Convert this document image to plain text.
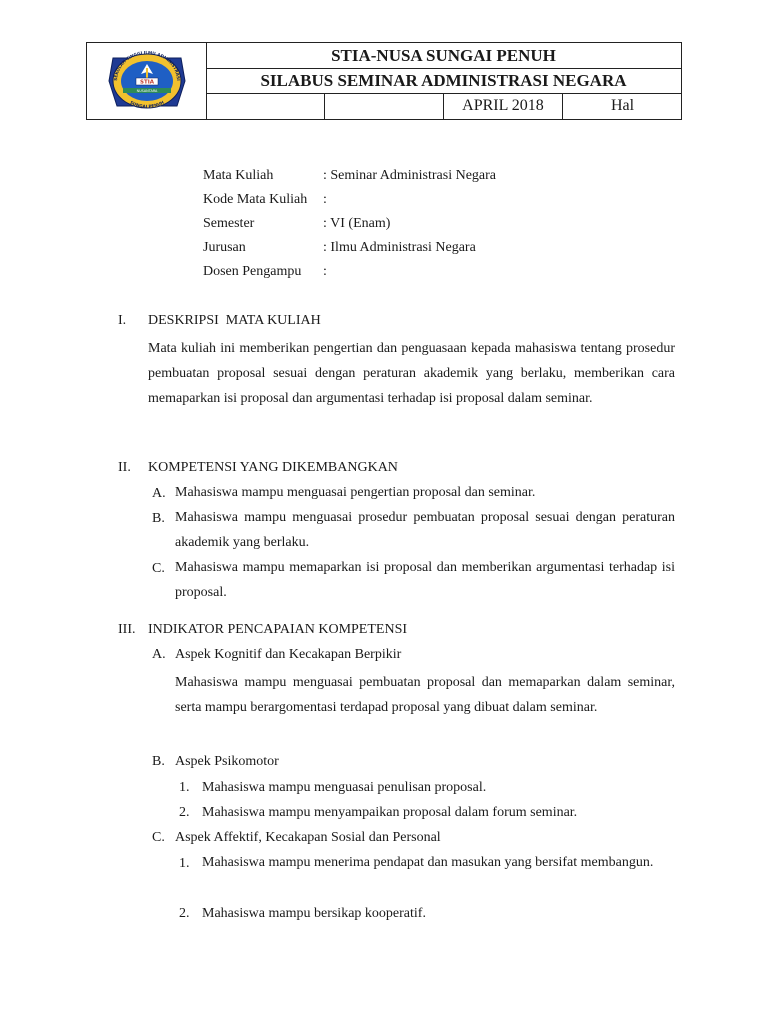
SEKOLAH TINGGI ILMU ADMINISTRASI
STIA
NUSANTARA
SUNGAI PENUH
STIA-NUSA SUNGAI PENUH
SILABUS SEMINAR ADMINISTRASI NEGARA
APRIL 2018	Hal
Mata Kuliah	: Seminar Administrasi Negara
Kode Mata Kuliah :
Semester	: VI (Enam)
Jurusan	: Ilmu Administrasi Negara
Dosen Pengampu :
I. DESKRIPSI  MATA KULIAH
Mata kuliah ini memberikan pengertian dan penguasaan kepada mahasiswa tentang prosedur pembuatan proposal sesuai dengan peraturan akademik yang berlaku, memberikan cara memaparkan isi proposal dan argumentasi terhadap isi proposal dalam seminar.
II. KOMPETENSI YANG DIKEMBANGKAN
A. Mahasiswa mampu menguasai pengertian proposal dan seminar.
B. Mahasiswa mampu menguasai prosedur pembuatan proposal sesuai dengan peraturan akademik yang berlaku.
C. Mahasiswa mampu memaparkan isi proposal dan memberikan argumentasi terhadap isi proposal.
III. INDIKATOR PENCAPAIAN KOMPETENSI
A. Aspek Kognitif dan Kecakapan Berpikir
Mahasiswa mampu menguasai pembuatan proposal dan memaparkan dalam seminar, serta mampu berargomentasi terdapad proposal yang dibuat dalam seminar.
B. Aspek Psikomotor
1. Mahasiswa mampu menguasai penulisan proposal.
2. Mahasiswa mampu menyampaikan proposal dalam forum seminar.
C. Aspek Affektif, Kecakapan Sosial dan Personal
1. Mahasiswa mampu menerima pendapat dan masukan yang bersifat membangun.
2. Mahasiswa mampu bersikap kooperatif.
